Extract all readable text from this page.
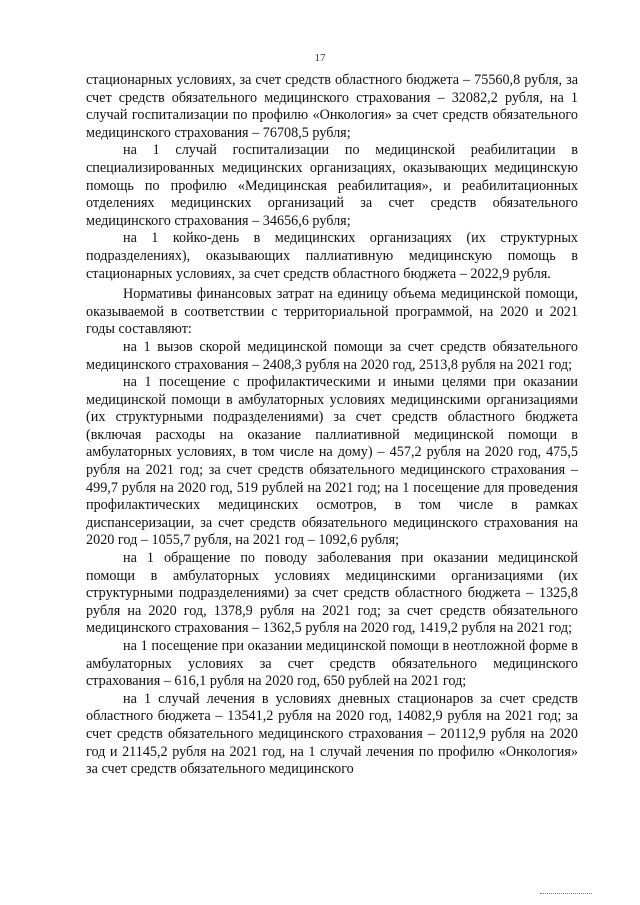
17

стационарных условиях, за счет средств областного бюджета – 75560,8 рубля, за счет средств обязательного медицинского страхования – 32082,2 рубля, на 1 случай госпитализации по профилю «Онкология» за счет средств обязательного медицинского страхования – 76708,5 рубля;

на 1 случай госпитализации по медицинской реабилитации в специализированных медицинских организациях, оказывающих медицинскую помощь по профилю «Медицинская реабилитация», и реабилитационных отделениях медицинских организаций за счет средств обязательного медицинского страхования – 34656,6 рубля;

на 1 койко-день в медицинских организациях (их структурных подразделениях), оказывающих паллиативную медицинскую помощь в стационарных условиях, за счет средств областного бюджета – 2022,9 рубля.

Нормативы финансовых затрат на единицу объема медицинской помощи, оказываемой в соответствии с территориальной программой, на 2020 и 2021 годы составляют:

на 1 вызов скорой медицинской помощи за счет средств обязательного медицинского страхования – 2408,3 рубля на 2020 год, 2513,8 рубля на 2021 год;

на 1 посещение с профилактическими и иными целями при оказании медицинской помощи в амбулаторных условиях медицинскими организациями (их структурными подразделениями) за счет средств областного бюджета (включая расходы на оказание паллиативной медицинской помощи в амбулаторных условиях, в том числе на дому) – 457,2 рубля на 2020 год, 475,5 рубля на 2021 год; за счет средств обязательного медицинского страхования – 499,7 рубля на 2020 год, 519 рублей на 2021 год; на 1 посещение для проведения профилактических медицинских осмотров, в том числе в рамках диспансеризации, за счет средств обязательного медицинского страхования на 2020 год – 1055,7 рубля, на 2021 год – 1092,6 рубля;

на 1 обращение по поводу заболевания при оказании медицинской помощи в амбулаторных условиях медицинскими организациями (их структурными подразделениями) за счет средств областного бюджета – 1325,8 рубля на 2020 год, 1378,9 рубля на 2021 год; за счет средств обязательного медицинского страхования – 1362,5 рубля на 2020 год, 1419,2 рубля на 2021 год;

на 1 посещение при оказании медицинской помощи в неотложной форме в амбулаторных условиях за счет средств обязательного медицинского страхования – 616,1 рубля на 2020 год, 650 рублей на 2021 год;

на 1 случай лечения в условиях дневных стационаров за счет средств областного бюджета – 13541,2 рубля на 2020 год, 14082,9 рубля на 2021 год; за счет средств обязательного медицинского страхования – 20112,9 рубля на 2020 год и 21145,2 рубля на 2021 год, на 1 случай лечения по профилю «Онкология» за счет средств обязательного медицинского
